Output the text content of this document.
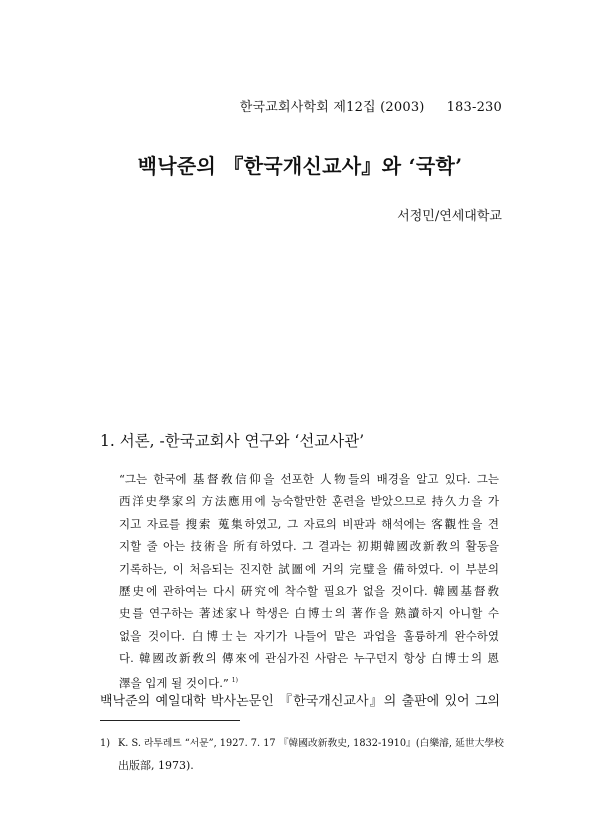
한국교회사학회 제12집 (2003) 183-230
백낙준의 『한국개신교사』와 ‘국학’
서정민/연세대학교
1. 서론, -한국교회사 연구와 ‘선교사관’
“그는 한국에 基督敎信仰을 선포한 人物들의 배경을 알고 있다. 그는
西洋史學家의 方法應用에 능숙할만한 훈련을 받았으므로 持久力을 가
지고 자료를 搜索 蒐集하였고, 그 자료의 비판과 해석에는 客觀性을 견
지할 줄 아는 技術을 所有하였다. 그 결과는 初期韓國改新敎의 활동을
기록하는, 이 처음되는 진지한 試圖에 거의 完璧을 備하였다. 이 부분의
歷史에 관하여는 다시 硏究에 착수할 필요가 없을 것이다. 韓國基督敎
史를 연구하는 著述家나 학생은 白博士의 著作을 熟讀하지 아니할 수
없을 것이다. 白博士는 자기가 나들어 맡은 과업을 훌륭하게 완수하였
다. 韓國改新敎의 傳來에 관심가진 사람은 누구던지 항상 白博士의 恩
澤을 입게 될 것이다.” $^{1)}$
백낙준의 예일대학 박사논문인 『한국개신교사』의 출판에 있어 그의
1) K. S. 라투레트 “서문”, 1927. 7. 17 『韓國改新敎史, 1832-1910』(白樂濬, 延世大學校
出版部, 1973).
